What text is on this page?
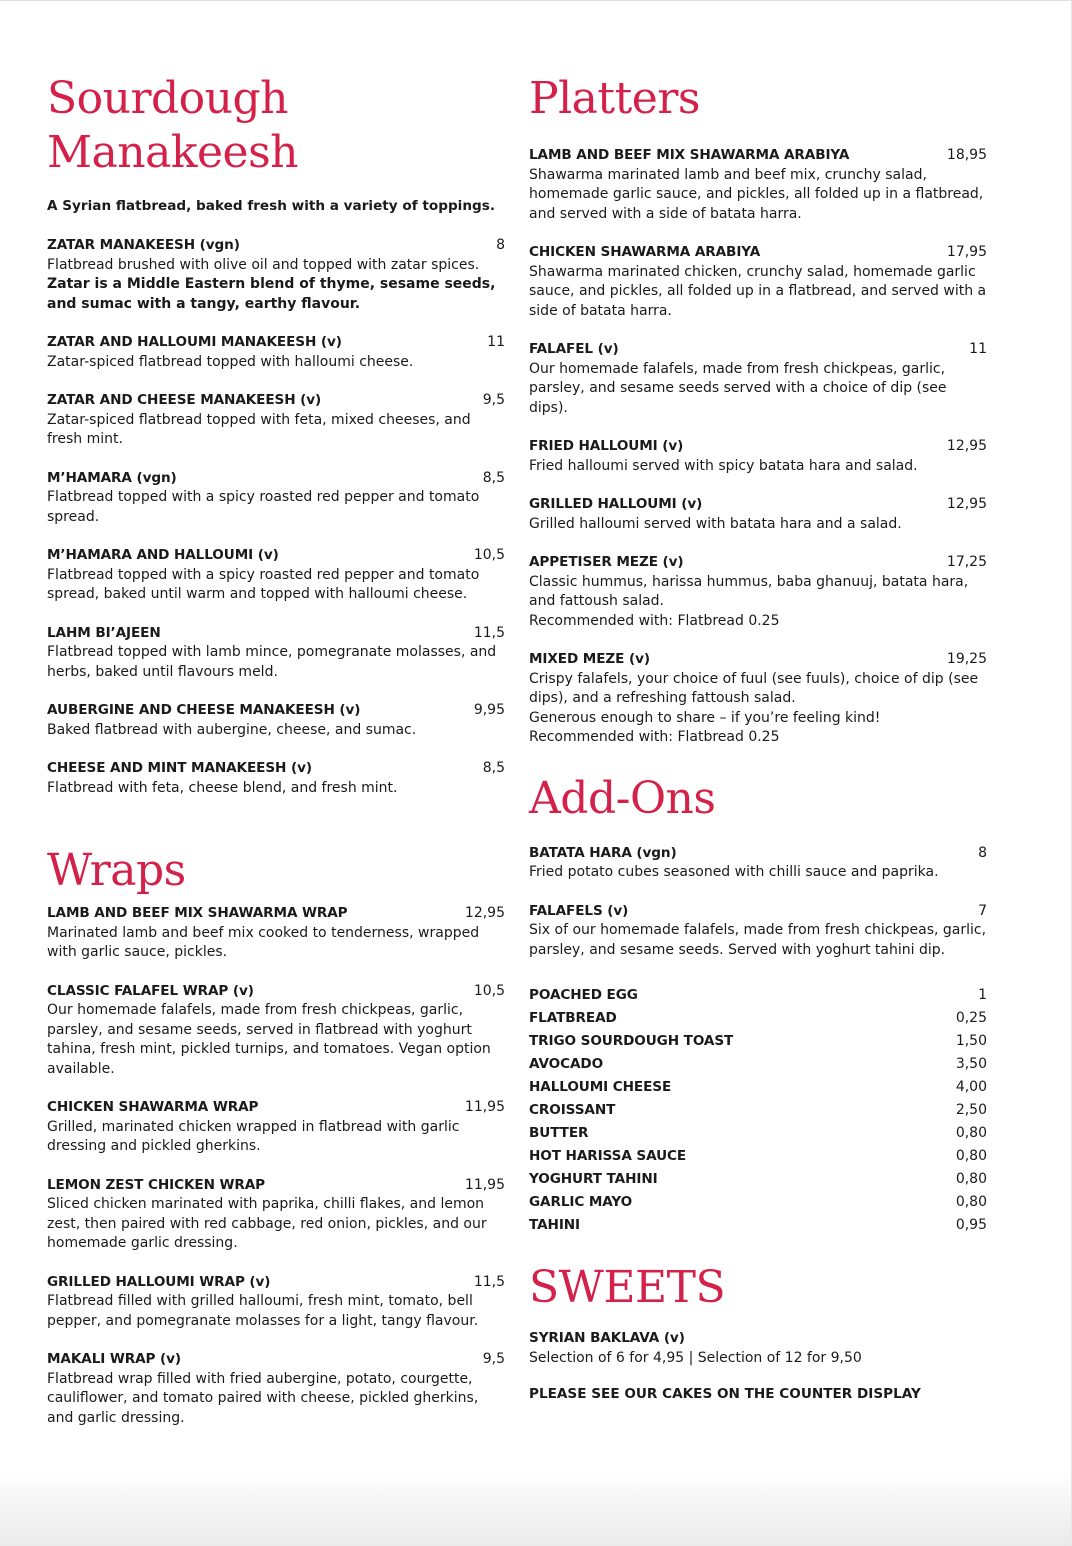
Sourdough
Manakeesh
A Syrian flatbread, baked fresh with a variety of toppings.
ZATAR MANAKEESH (vgn)	8
Flatbread brushed with olive oil and topped with zatar spices. Zatar is a Middle Eastern blend of thyme, sesame seeds, and sumac with a tangy, earthy flavour.
ZATAR AND HALLOUMI MANAKEESH (v)	11
Zatar-spiced flatbread topped with halloumi cheese.
ZATAR AND CHEESE MANAKEESH (v)	9,5
Zatar-spiced flatbread topped with feta, mixed cheeses, and fresh mint.
M’HAMARA (vgn)	8,5
Flatbread topped with a spicy roasted red pepper and tomato spread.
M’HAMARA AND HALLOUMI (v)	10,5
Flatbread topped with a spicy roasted red pepper and tomato spread, baked until warm and topped with halloumi cheese.
LAHM BI’AJEEN	11,5
Flatbread topped with lamb mince, pomegranate molasses, and herbs, baked until flavours meld.
AUBERGINE AND CHEESE MANAKEESH (v)	9,95
Baked flatbread with aubergine, cheese, and sumac.
CHEESE AND MINT MANAKEESH (v)	8,5
Flatbread with feta, cheese blend, and fresh mint.
Wraps
LAMB AND BEEF MIX SHAWARMA WRAP	12,95
Marinated lamb and beef mix cooked to tenderness, wrapped with garlic sauce, pickles.
CLASSIC FALAFEL WRAP (v)	10,5
Our homemade falafels, made from fresh chickpeas, garlic, parsley, and sesame seeds, served in flatbread with yoghurt tahina, fresh mint, pickled turnips, and tomatoes. Vegan option available.
CHICKEN SHAWARMA WRAP	11,95
Grilled, marinated chicken wrapped in flatbread with garlic dressing and pickled gherkins.
LEMON ZEST CHICKEN WRAP	11,95
Sliced chicken marinated with paprika, chilli flakes, and lemon zest, then paired with red cabbage, red onion, pickles, and our homemade garlic dressing.
GRILLED HALLOUMI WRAP (v)	11,5
Flatbread filled with grilled halloumi, fresh mint, tomato, bell pepper, and pomegranate molasses for a light, tangy flavour.
MAKALI WRAP (v)	9,5
Flatbread wrap filled with fried aubergine, potato, courgette, cauliflower, and tomato paired with cheese, pickled gherkins, and garlic dressing.
Platters
LAMB AND BEEF MIX SHAWARMA ARABIYA	18,95
Shawarma marinated lamb and beef mix, crunchy salad, homemade garlic sauce, and pickles, all folded up in a flatbread, and served with a side of batata harra.
CHICKEN SHAWARMA ARABIYA	17,95
Shawarma marinated chicken, crunchy salad, homemade garlic sauce, and pickles, all folded up in a flatbread, and served with a side of batata harra.
FALAFEL (v)	11
Our homemade falafels, made from fresh chickpeas, garlic, parsley, and sesame seeds served with a choice of dip (see dips).
FRIED HALLOUMI (v)	12,95
Fried halloumi served with spicy batata hara and salad.
GRILLED HALLOUMI (v)	12,95
Grilled halloumi served with batata hara and a salad.
APPETISER MEZE (v)	17,25
Classic hummus, harissa hummus, baba ghanuuj, batata hara, and fattoush salad.
Recommended with: Flatbread 0.25
MIXED MEZE (v)	19,25
Crispy falafels, your choice of fuul (see fuuls), choice of dip (see dips), and a refreshing fattoush salad.
Generous enough to share – if you’re feeling kind!
Recommended with: Flatbread 0.25
Add-Ons
BATATA HARA (vgn)	8
Fried potato cubes seasoned with chilli sauce and paprika.
FALAFELS (v)	7
Six of our homemade falafels, made from fresh chickpeas, garlic, parsley, and sesame seeds. Served with yoghurt tahini dip.
POACHED EGG	1
FLATBREAD	0,25
TRIGO SOURDOUGH TOAST	1,50
AVOCADO	3,50
HALLOUMI CHEESE	4,00
CROISSANT	2,50
BUTTER	0,80
HOT HARISSA SAUCE	0,80
YOGHURT TAHINI	0,80
GARLIC MAYO	0,80
TAHINI	0,95
SWEETS
SYRIAN BAKLAVA (v)
Selection of 6 for 4,95 | Selection of 12 for 9,50
PLEASE SEE OUR CAKES ON THE COUNTER DISPLAY
